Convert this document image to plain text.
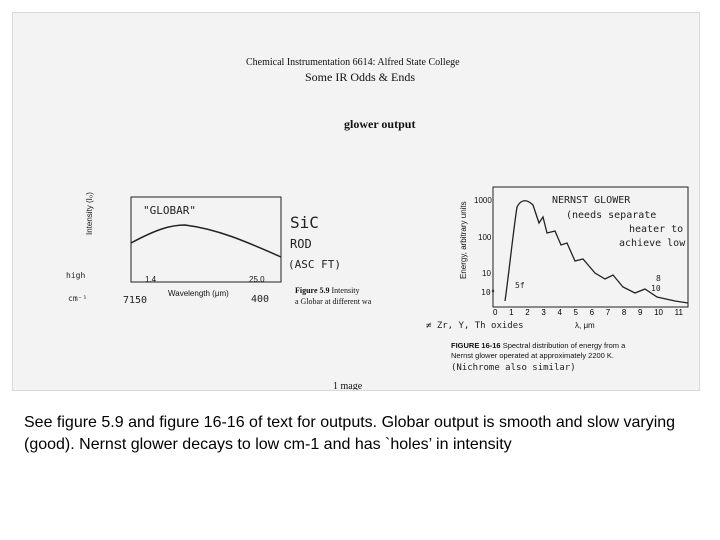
Chemical Instrumentation 6614: Alfred State College
Some IR Odds & Ends
glower output
Intensity (I₀)	"GLOBAR"
1.4	25.0
Wavelength (μm)
7150	400
high
cm⁻¹
Figure 5.9 Intensity
a Globar at different wa
SiC
ROD
(ASC FT)	Energy, arbitrary units
1000
100
10
10⁰
0 1 2 3 4 5 6 7 8 9 10 11
λ, μm
5f
8
10
NERNST GLOWER
(needs separate
heater to
achieve low
≠ Zr, Y, Th oxides
FIGURE 16-16 Spectral distribution of energy from a
Nernst glower operated at approximately 2200 K.
(Nichrome also similar)
1 mage
See figure 5.9 and figure 16-16 of text for outputs. Globar output is smooth and slow varying (good). Nernst glower decays to low cm-1 and has `holes’ in intensity
